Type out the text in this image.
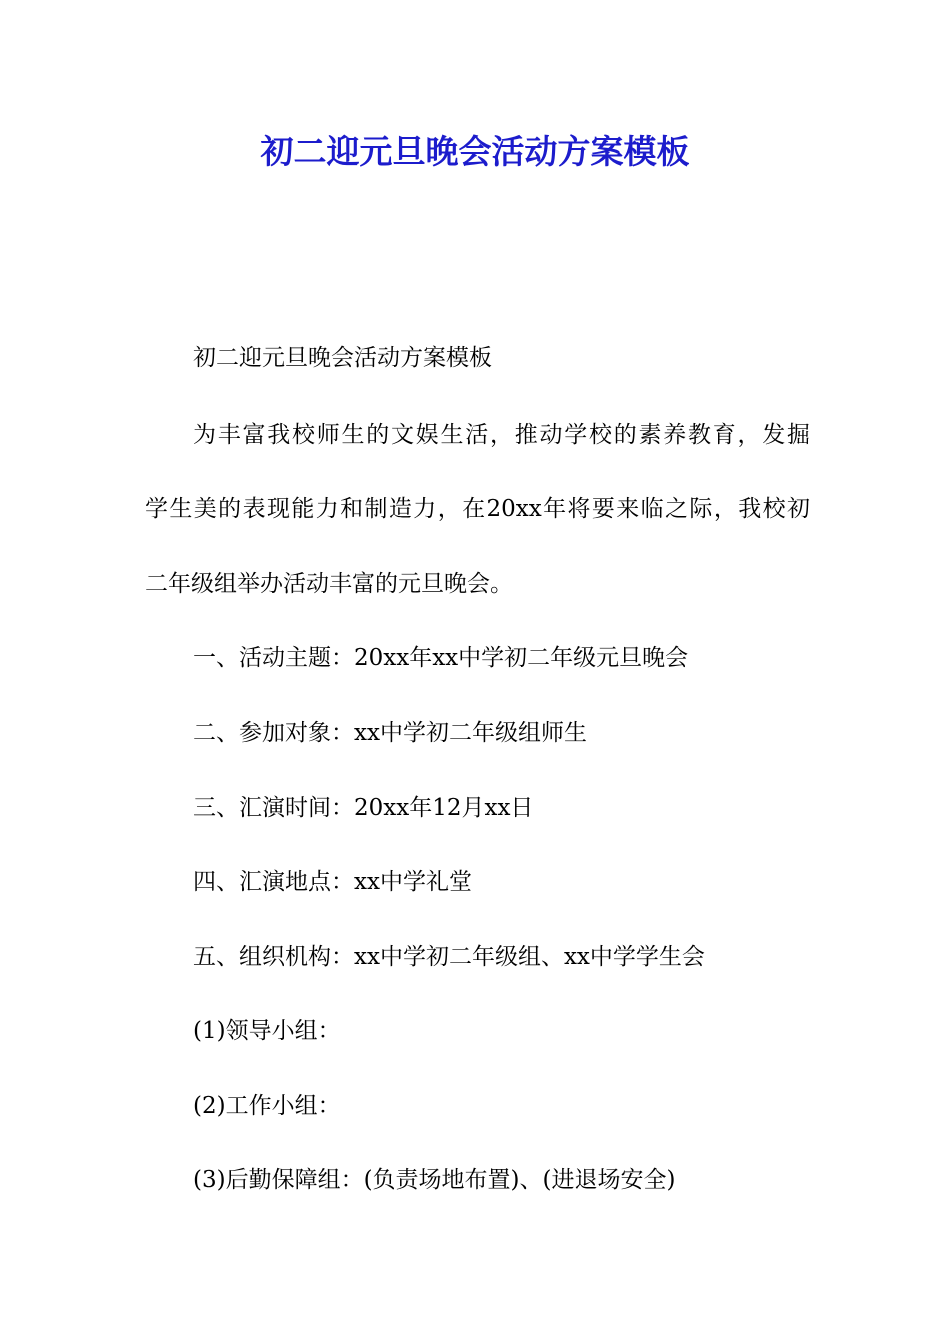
初二迎元旦晚会活动方案模板
初二迎元旦晚会活动方案模板
为丰富我校师生的文娱生活，推动学校的素养教育，发掘
学生美的表现能力和制造力，在20xx年将要来临之际，我校初
二年级组举办活动丰富的元旦晚会。
一、活动主题：20xx年xx中学初二年级元旦晚会
二、参加对象：xx中学初二年级组师生
三、汇演时间：20xx年12月xx日
四、汇演地点：xx中学礼堂
五、组织机构：xx中学初二年级组、xx中学学生会
(1)领导小组：
(2)工作小组：
(3)后勤保障组：(负责场地布置)、(进退场安全)
